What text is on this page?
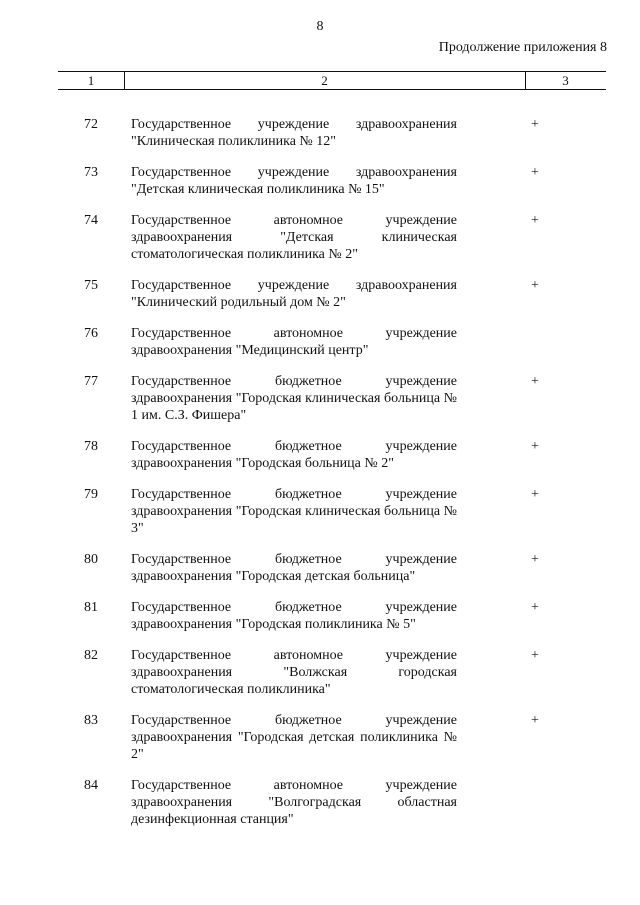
8
Продолжение приложения 8
1	2	3
72	Государственное учреждение здравоохранения "Клиническая поликлиника № 12"
+
73	Государственное учреждение здравоохранения "Детская клиническая поликлиника № 15"
+
74	Государственное автономное учреждение здравоохранения "Детская клиническая стоматологическая поликлиника № 2"
+
75	Государственное учреждение здравоохранения "Клинический родильный дом № 2"
+
76	Государственное автономное учреждение здравоохранения "Медицинский центр"
77	Государственное бюджетное учреждение здравоохранения "Городская клиническая больница № 1 им. С.З. Фишера"
+
78	Государственное бюджетное учреждение здравоохранения "Городская больница № 2"
+
79	Государственное бюджетное учреждение здравоохранения "Городская клиническая больница № 3"
+
80	Государственное бюджетное учреждение здравоохранения "Городская детская больница"
+
81	Государственное бюджетное учреждение здравоохранения "Городская поликлиника № 5"
+
82	Государственное автономное учреждение здравоохранения "Волжская городская стоматологическая поликлиника"
+
83	Государственное бюджетное учреждение здравоохранения "Городская детская поликлиника № 2"
+
84	Государственное автономное учреждение здравоохранения "Волгоградская областная дезинфекционная станция"
